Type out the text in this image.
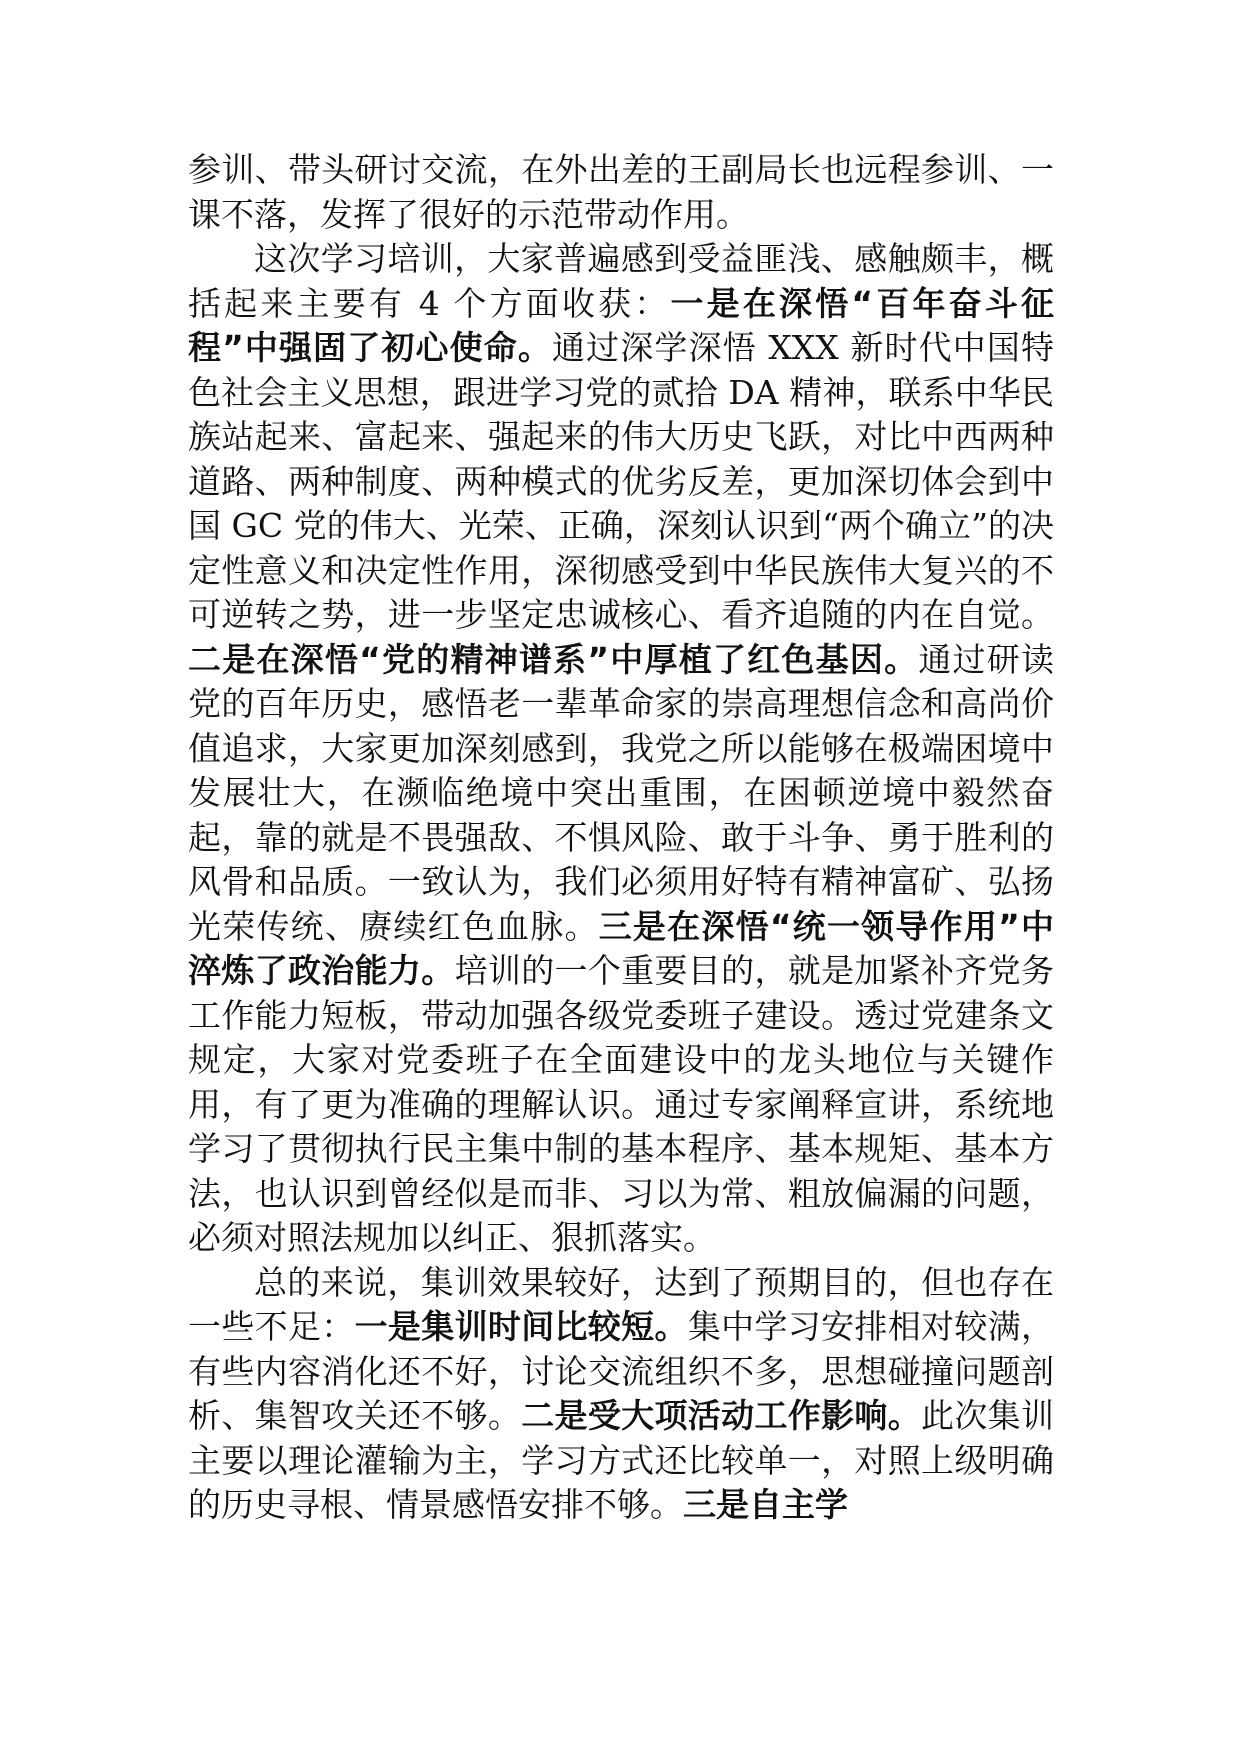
参训、带头研讨交流，在外出差的王副局长也远程参训、一课不落，发挥了很好的示范带动作用。

这次学习培训，大家普遍感到受益匪浅、感触颇丰，概括起来主要有 4 个方面收获：一是在深悟“百年奋斗征程”中强固了初心使命。通过深学深悟 XXX 新时代中国特色社会主义思想，跟进学习党的贰拾 DA 精神，联系中华民族站起来、富起来、强起来的伟大历史飞跃，对比中西两种道路、两种制度、两种模式的优劣反差，更加深切体会到中国 GC 党的伟大、光荣、正确，深刻认识到“两个确立”的决定性意义和决定性作用，深彻感受到中华民族伟大复兴的不可逆转之势，进一步坚定忠诚核心、看齐追随的内在自觉。二是在深悟“党的精神谱系”中厚植了红色基因。通过研读党的百年历史，感悟老一辈革命家的崇高理想信念和高尚价值追求，大家更加深刻感到，我党之所以能够在极端困境中发展壮大，在濒临绝境中突出重围，在困顿逆境中毅然奋起，靠的就是不畏强敌、不惧风险、敢于斗争、勇于胜利的风骨和品质。一致认为，我们必须用好特有精神富矿、弘扬光荣传统、赓续红色血脉。三是在深悟“统一领导作用”中淬炼了政治能力。培训的一个重要目的，就是加紧补齐党务工作能力短板，带动加强各级党委班子建设。透过党建条文规定，大家对党委班子在全面建设中的龙头地位与关键作用，有了更为准确的理解认识。通过专家阐释宣讲，系统地学习了贯彻执行民主集中制的基本程序、基本规矩、基本方法，也认识到曾经似是而非、习以为常、粗放偏漏的问题，必须对照法规加以纠正、狠抓落实。

总的来说，集训效果较好，达到了预期目的，但也存在一些不足：一是集训时间比较短。集中学习安排相对较满，有些内容消化还不好，讨论交流组织不多，思想碰撞问题剖析、集智攻关还不够。二是受大项活动工作影响。此次集训主要以理论灌输为主，学习方式还比较单一，对照上级明确的历史寻根、情景感悟安排不够。三是自主学
